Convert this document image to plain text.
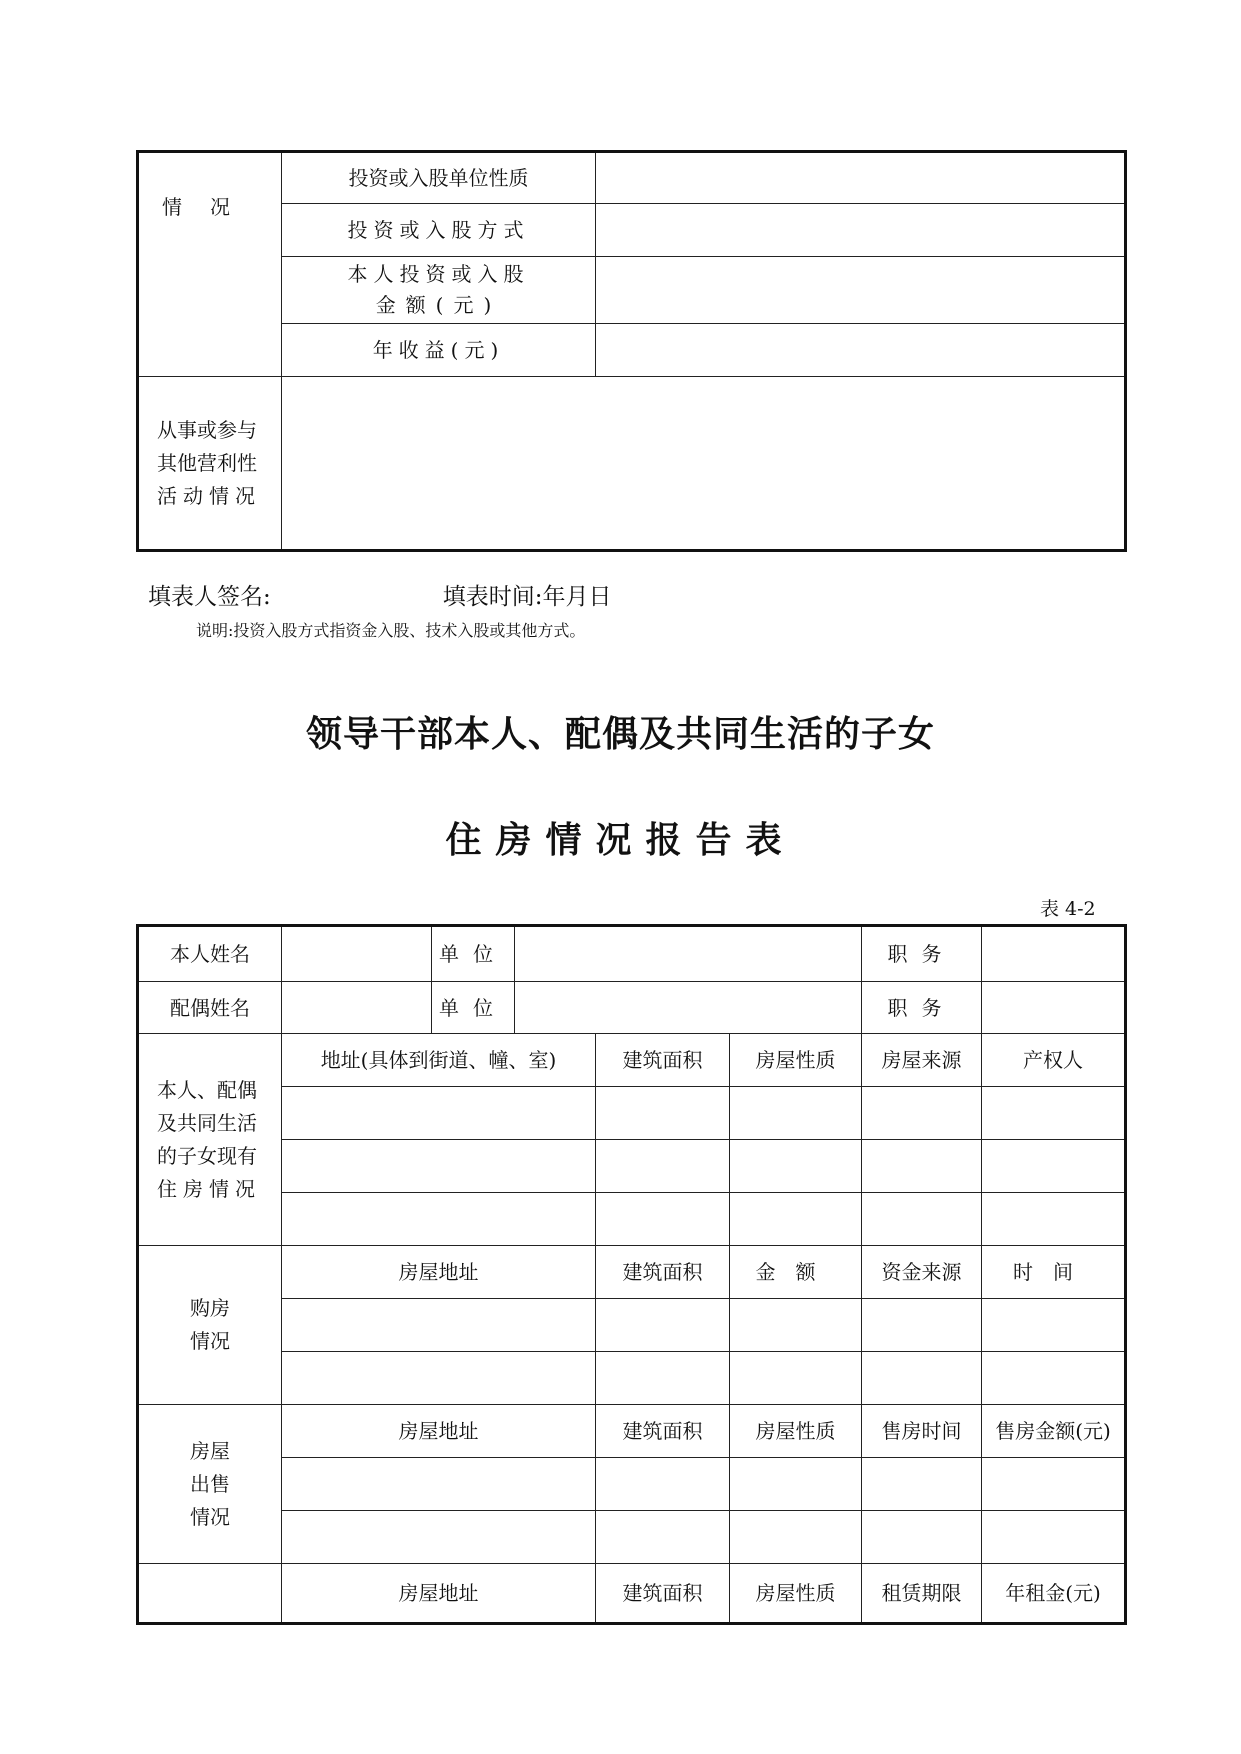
情况	投资或入股单位性质	
	投资或入股方式	

	本人投资或入股
金额(元)	

	年收益(元)	

从事或参与
其他营利性
活动情况		

填表人签名:	填表时间:年月日
说明:投资入股方式指资金入股、技术入股或其他方式。
领导干部本人、配偶及共同生活的子女
住房情况报告表
表 4-2
本人姓名		单位				职务	
配偶姓名		单位				职务	

本人、配偶
及共同生活
的子女现有
住房情况	地址(具体到街道、幢、室)			建筑面积	房屋性质	房屋来源	产权人

购房
情况	房屋地址			建筑面积	金额	资金来源	时间

房屋
出售
情况	房屋地址			建筑面积	房屋性质	售房时间	售房金额(元)

	房屋地址			建筑面积	房屋性质	租赁期限	年租金(元)
